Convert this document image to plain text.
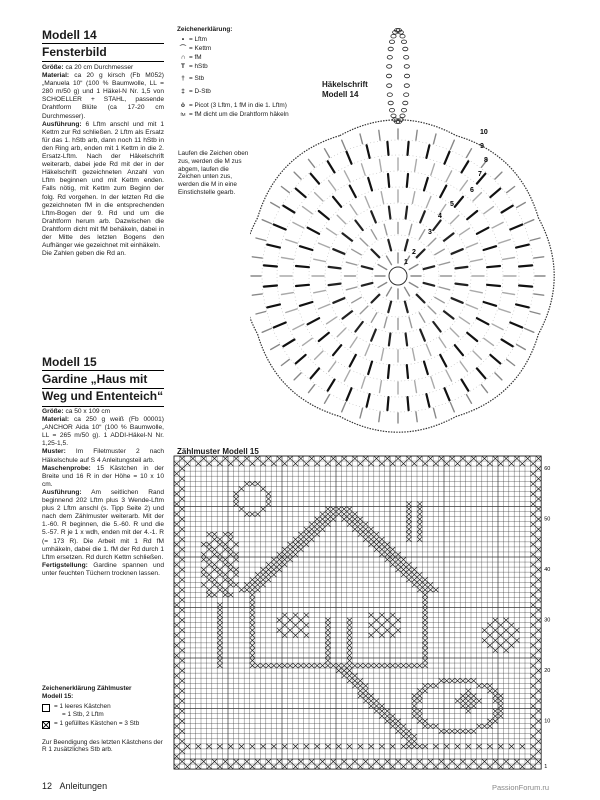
Modell 14
Fensterbild
Größe: ca 20 cm Durchmesser
Material: ca 20 g kirsch (Fb M052) „Manuela 10“ (100 % Baumwolle, LL = 280 m/50 g) und 1 Häkel-N Nr. 1,5 von SCHOELLER + STAHL, passende Drahtform Blüte (ca 17-20 cm Durchmesser).
Ausführung: 6 Lftm anschl und mit 1 Kettm zur Rd schließen. 2 Lftm als Ersatz für das 1. hStb arb, dann noch 11 hStb in den Ring arb, enden mit 1 Kettm in die 2. Ersatz-Lftm. Nach der Häkelschrift weiterarb, dabei jede Rd mit der in der Häkelschrift gezeichneten Anzahl von Lftm beginnen und mit Kettm enden. Falls nötig, mit Kettm zum Beginn der folg. Rd vorgehen. In der letzten Rd die gezeichneten fM in die entsprechenden Lftm-Bogen der 9. Rd und um die Drahtform herum arb. Dazwischen die Drahtform dicht mit fM behäkeln, dabei in der Mitte des letzten Bogens den Aufhänger wie gezeichnet mit einhäkeln.
Die Zahlen geben die Rd an.
Zeichenerklärung:
• = Lftm
⌒ = Kettm
∩ = fM
T = hStb
† = Stb
‡ = D-Stb
ȯ = Picot (3 Lftm, 1 fM in die 1. Lftm)
fM = fM dicht um die Drahtform häkeln
Laufen die Zeichen oben zus, werden die M zus abgem, laufen die Zeichen unten zus, werden die M in eine Einstichstelle gearb.
Häkelschrift
Modell 14
1
2
3
4
5
6
7
8
9
10
Modell 15
Gardine „Haus mit
Weg und Ententeich“
Größe: ca 50 x 109 cm
Material: ca 250 g weiß (Fb 00001) „ANCHOR Aida 10“ (100 % Baumwolle, LL = 265 m/50 g). 1 ADDI-Häkel-N Nr. 1,25-1,5.
Muster: Im Filetmuster 2 nach Häkelschule auf S 4 Anleitungsteil arb.
Maschenprobe: 15 Kästchen in der Breite und 16 R in der Höhe = 10 x 10 cm.
Ausführung: Am seitlichen Rand beginnend 202 Lftm plus 3 Wende-Lftm plus 2 Lftm anschl (s. Tipp Seite 2) und nach dem Zählmuster weiterarb. Mit der 1.-60. R beginnen, die 5.-60. R und die 5.-57. R je 1 x wdh, enden mit der 4.-1. R (= 173 R). Die Arbeit mit 1 Rd fM umhäkeln, dabei die 1. fM der Rd durch 1 Lftm ersetzen. Rd durch Kettm schließen.
Fertigstellung: Gardine spannen und unter feuchten Tüchern trocknen lassen.
Zeichenerklärung Zählmuster
Modell 15:
= 1 leeres Kästchen
= 1 Stb, 2 Lftm
= 1 gefülltes Kästchen = 3 Stb
Zur Beendigung des letzten Kästchens der R 1 zusätzliches Stb arb.
Zählmuster Modell 15
60
50
40
30
20
10
1
12 Anleitungen	PassionForum.ru
